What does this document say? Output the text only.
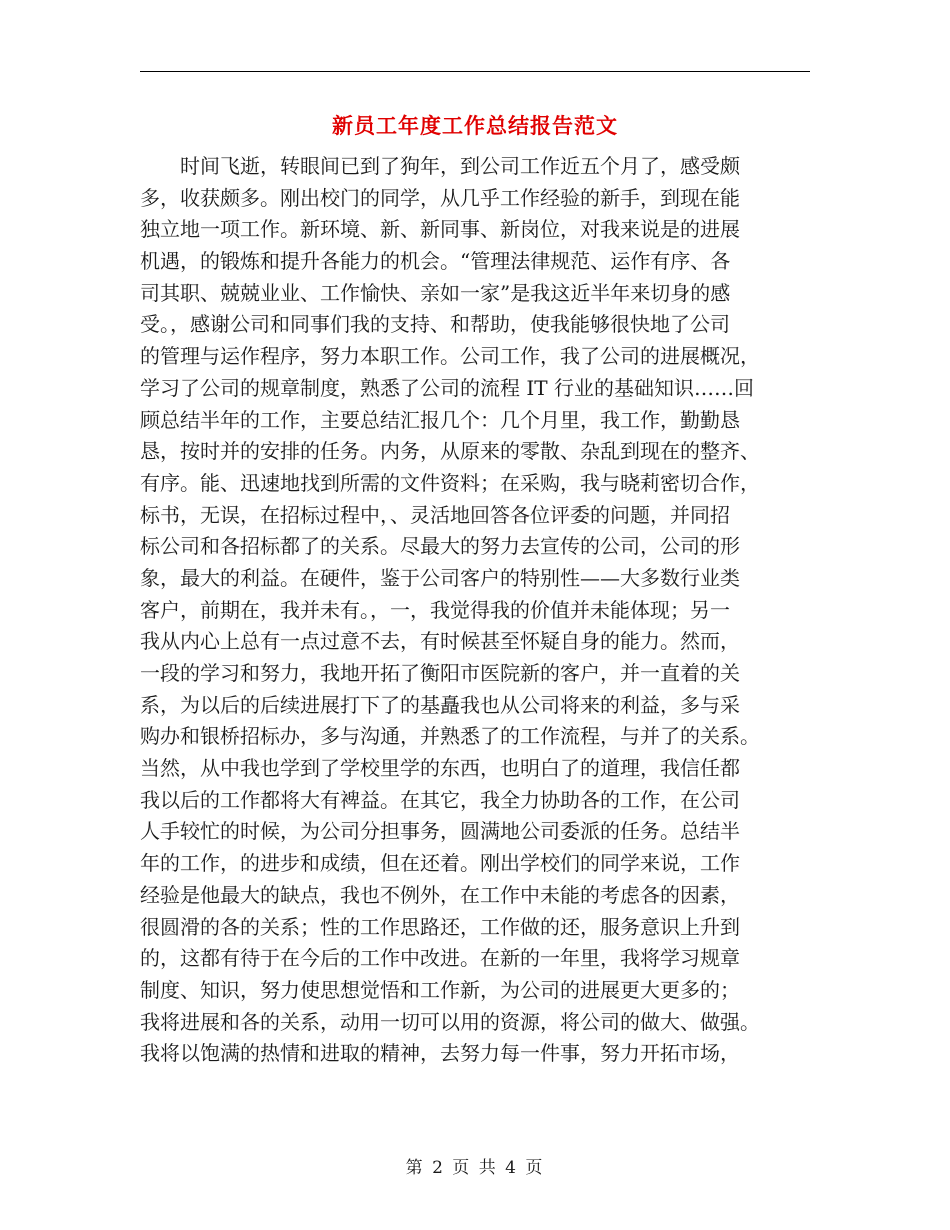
新员工年度工作总结报告范文
时间飞逝，转眼间已到了狗年，到公司工作近五个月了，感受颇
多，收获颇多。刚出校门的同学，从几乎工作经验的新手，到现在能
独立地一项工作。新环境、新、新同事、新岗位，对我来说是的进展
机遇，的锻炼和提升各能力的机会。“管理法律规范、运作有序、各
司其职、兢兢业业、工作愉快、亲如一家”是我这近半年来切身的感
受。，感谢公司和同事们我的支持、和帮助，使我能够很快地了公司
的管理与运作程序，努力本职工作。公司工作，我了公司的进展概况，
学习了公司的规章制度，熟悉了公司的流程 IT 行业的基础知识……回
顾总结半年的工作，主要总结汇报几个：几个月里，我工作，勤勤恳
恳，按时并的安排的任务。内务，从原来的零散、杂乱到现在的整齐、
有序。能、迅速地找到所需的文件资料；在采购，我与晓莉密切合作，
标书，无误，在招标过程中，、灵活地回答各位评委的问题，并同招
标公司和各招标都了的关系。尽最大的努力去宣传的公司，公司的形
象，最大的利益。在硬件，鉴于公司客户的特别性——大多数行业类
客户，前期在，我并未有。，一，我觉得我的价值并未能体现；另一
我从内心上总有一点过意不去，有时候甚至怀疑自身的能力。然而，
一段的学习和努力，我地开拓了衡阳市医院新的客户，并一直着的关
系，为以后的后续进展打下了的基矗我也从公司将来的利益，多与采
购办和银桥招标办，多与沟通，并熟悉了的工作流程，与并了的关系。
当然，从中我也学到了学校里学的东西，也明白了的道理，我信任都
我以后的工作都将大有裨益。在其它，我全力协助各的工作，在公司
人手较忙的时候，为公司分担事务，圆满地公司委派的任务。总结半
年的工作，的进步和成绩，但在还着。刚出学校们的同学来说，工作
经验是他最大的缺点，我也不例外，在工作中未能的考虑各的因素，
很圆滑的各的关系；性的工作思路还，工作做的还，服务意识上升到
的，这都有待于在今后的工作中改进。在新的一年里，我将学习规章
制度、知识，努力使思想觉悟和工作新，为公司的进展更大更多的；
我将进展和各的关系，动用一切可以用的资源，将公司的做大、做强。
我将以饱满的热情和进取的精神，去努力每一件事，努力开拓市场，
第 2 页 共 4 页
